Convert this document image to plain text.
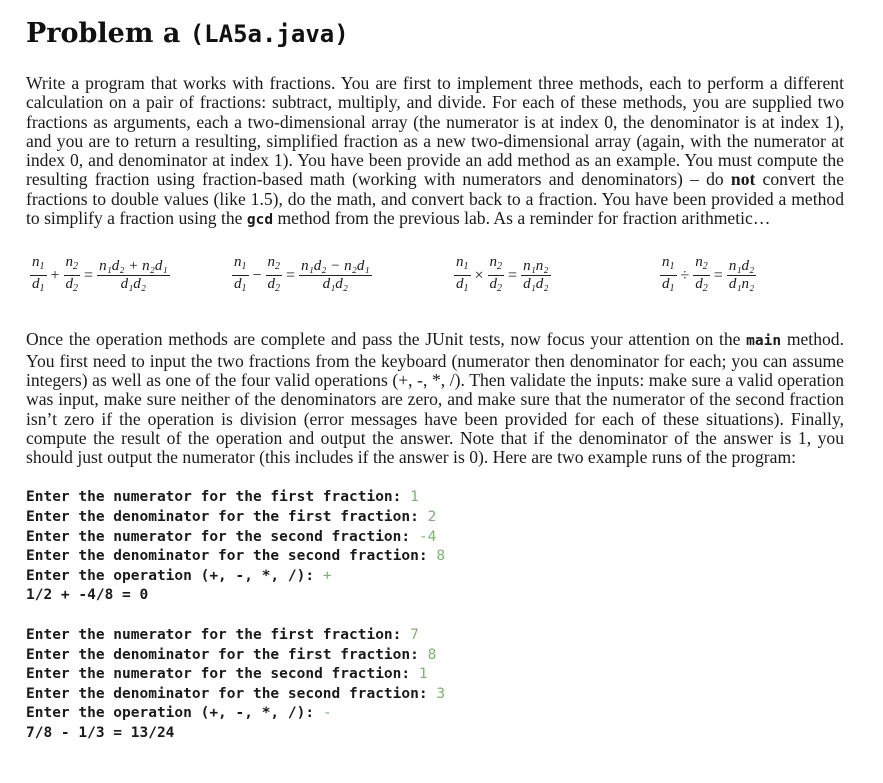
Problem a (LA5a.java)

Write a program that works with fractions. You are first to implement three methods, each to perform a different calculation on a pair of fractions: subtract, multiply, and divide. For each of these methods, you are supplied two fractions as arguments, each a two-dimensional array (the numerator is at index 0, the denominator is at index 1), and you are to return a resulting, simplified fraction as a new two-dimensional array (again, with the numerator at index 0, and denominator at index 1). You have been provide an add method as an example. You must compute the resulting fraction using fraction-based math (working with numerators and denominators) – do not convert the fractions to double values (like 1.5), do the math, and convert back to a fraction. You have been provided a method to simplify a fraction using the gcd method from the previous lab. As a reminder for fraction arithmetic…

$\frac{n_1}{d_1} + \frac{n_2}{d_2} = \frac{\text{n₁d₂ + n₂d₁}}{\text{d₁d₂}}$	$\frac{n_1}{d_1} - \frac{n_2}{d_2} = \frac{\text{n₁d₂ − n₂d₁}}{\text{d₁d₂}}$	$\frac{n_1}{d_1} \times \frac{n_2}{d_2} = \frac{\text{n₁n₂}}{\text{d₁d₂}}$	$\frac{n_1}{d_1} \div \frac{n_2}{d_2} = \frac{\text{n₁d₂}}{\text{d₁n₂}}$

Once the operation methods are complete and pass the JUnit tests, now focus your attention on the main method. You first need to input the two fractions from the keyboard (numerator then denominator for each; you can assume integers) as well as one of the four valid operations (+, -, *, /). Then validate the inputs: make sure a valid operation was input, make sure neither of the denominators are zero, and make sure that the numerator of the second fraction isn’t zero if the operation is division (error messages have been provided for each of these situations). Finally, compute the result of the operation and output the answer. Note that if the denominator of the answer is 1, you should just output the numerator (this includes if the answer is 0). Here are two example runs of the program:

Enter the numerator for the first fraction: 1
Enter the denominator for the first fraction: 2
Enter the numerator for the second fraction: -4
Enter the denominator for the second fraction: 8
Enter the operation (+, -, *, /): +
1/2 + -4/8 = 0
Enter the numerator for the first fraction: 7
Enter the denominator for the first fraction: 8
Enter the numerator for the second fraction: 1
Enter the denominator for the second fraction: 3
Enter the operation (+, -, *, /): -
7/8 - 1/3 = 13/24
